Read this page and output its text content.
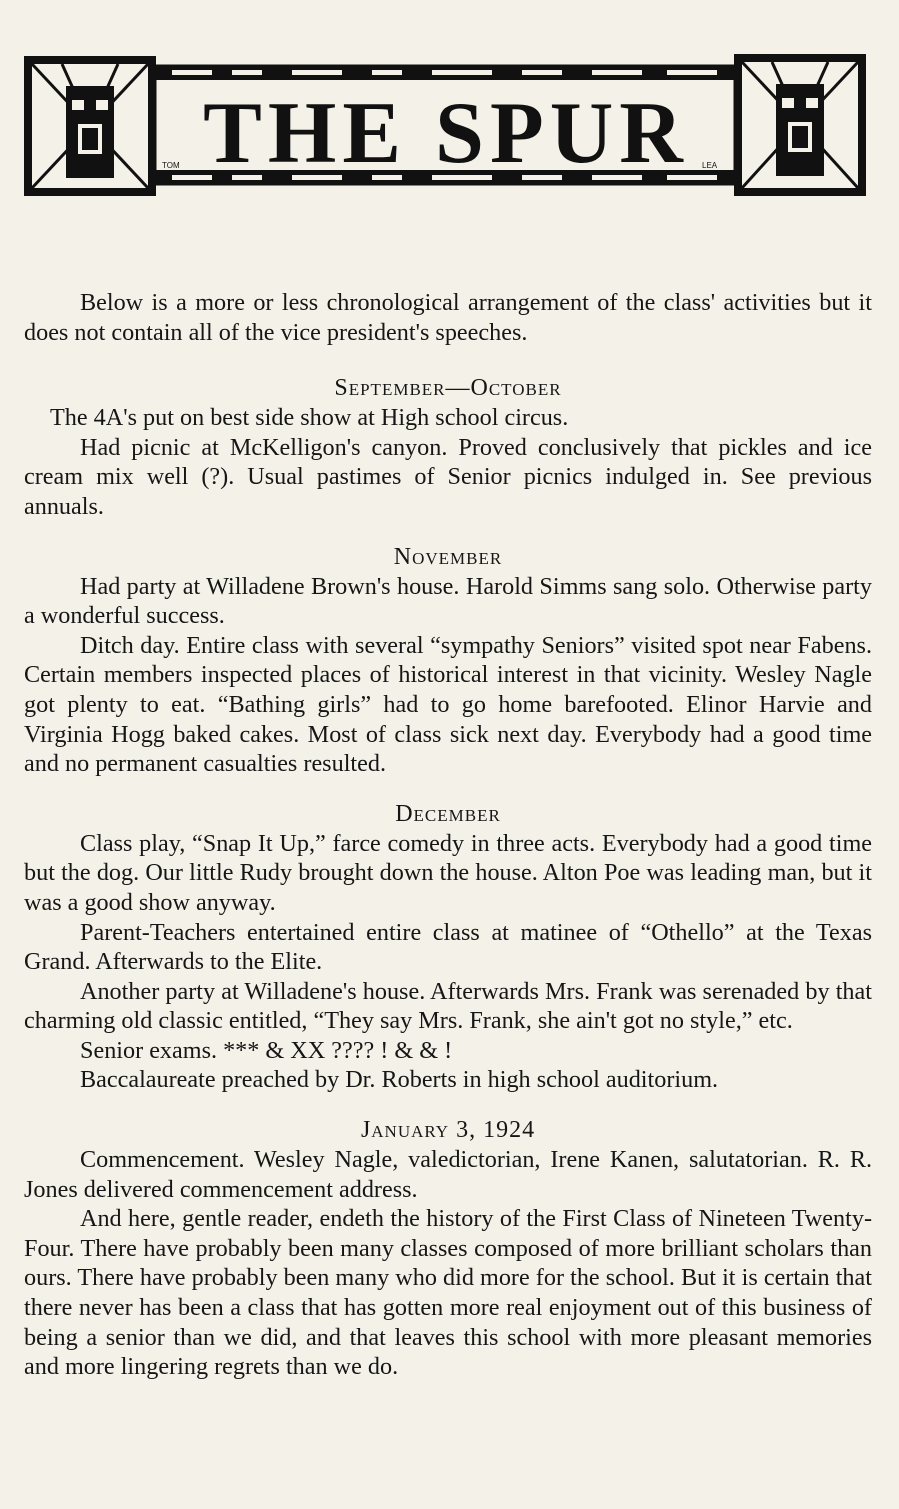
THE SPUR
TOM	LEA

Below is a more or less chronological arrangement of the class' activities but it does not contain all of the vice president's speeches.

September—October

The 4A's put on best side show at High school circus.

Had picnic at McKelligon's canyon. Proved conclusively that pickles and ice cream mix well (?). Usual pastimes of Senior picnics indulged in. See previous annuals.

November

Had party at Willadene Brown's house. Harold Simms sang solo. Otherwise party a wonderful success.

Ditch day. Entire class with several “sympathy Seniors” visited spot near Fabens. Certain members inspected places of historical interest in that vicinity. Wesley Nagle got plenty to eat. “Bathing girls” had to go home barefooted. Elinor Harvie and Virginia Hogg baked cakes. Most of class sick next day. Everybody had a good time and no permanent casualties resulted.

December

Class play, “Snap It Up,” farce comedy in three acts. Everybody had a good time but the dog. Our little Rudy brought down the house. Alton Poe was leading man, but it was a good show anyway.

Parent-Teachers entertained entire class at matinee of “Othello” at the Texas Grand. Afterwards to the Elite.

Another party at Willadene's house. Afterwards Mrs. Frank was serenaded by that charming old classic entitled, “They say Mrs. Frank, she ain't got no style,” etc.

Senior exams. *** & XX ???? ! & & !

Baccalaureate preached by Dr. Roberts in high school auditorium.

January 3, 1924

Commencement. Wesley Nagle, valedictorian, Irene Kanen, salutatorian. R. R. Jones delivered commencement address.

And here, gentle reader, endeth the history of the First Class of Nineteen Twenty-Four. There have probably been many classes composed of more brilliant scholars than ours. There have probably been many who did more for the school. But it is certain that there never has been a class that has gotten more real enjoyment out of this business of being a senior than we did, and that leaves this school with more pleasant memories and more lingering regrets than we do.
